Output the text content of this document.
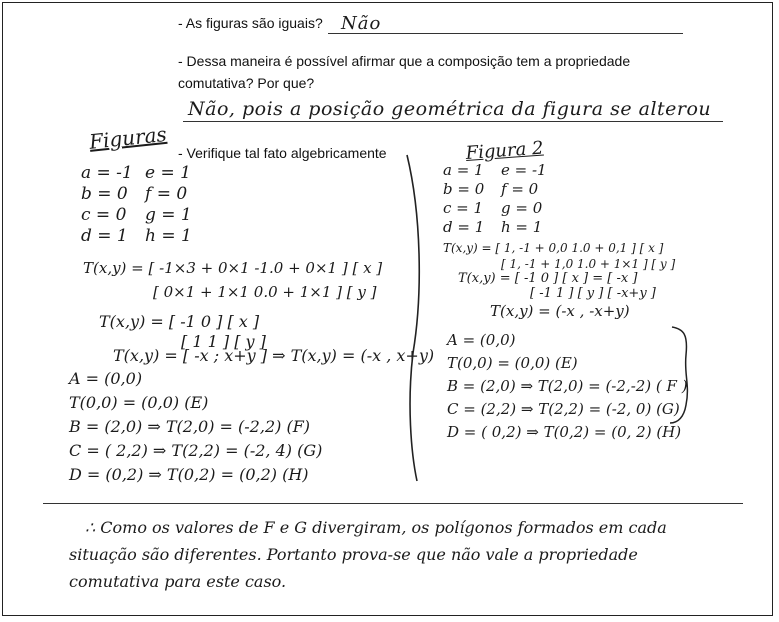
- As figuras são iguais? Não
- Dessa maneira é possível afirmar que a composição tem a propriedade
comutativa? Por que?
Não, pois a posição geométrica da figura se alterou
- Verifique tal fato algebricamente
Figuras
a = -1
b = 0
c = 0
d = 1
e = 1
f = 0
g = 1
h = 1
T(x,y) = [ -1×3 + 0×1 -1.0 + 0×1 ] [ x ]
[ 0×1 + 1×1 0.0 + 1×1 ] [ y ]
T(x,y) = [ -1 0 ] [ x ]
[ 1 1 ] [ y ]
T(x,y) = [ -x ; x+y ] ⇒ T(x,y) = (-x , x+y)
A = (0,0)
T(0,0) = (0,0) (E)
B = (2,0) ⇒ T(2,0) = (-2,2) (F)
C = ( 2,2) ⇒ T(2,2) = (-2, 4) (G)
D = (0,2) ⇒ T(0,2) = (0,2) (H)
Figura 2
a = 1
b = 0
c = 1
d = 1
e = -1
f = 0
g = 0
h = 1
T(x,y) = [ 1, -1 + 0,0 1.0 + 0,1 ] [ x ]
[ 1, -1 + 1,0 1.0 + 1×1 ] [ y ]
T(x,y) = [ -1 0 ] [ x ] = [ -x ]
[ -1 1 ] [ y ] [ -x+y ]
T(x,y) = (-x , -x+y)
A = (0,0)
T(0,0) = (0,0) (E)
B = (2,0) ⇒ T(2,0) = (-2,-2) ( F )
C = (2,2) ⇒ T(2,2) = (-2, 0) (G)
D = ( 0,2) ⇒ T(0,2) = (0, 2) (H)
∴ Como os valores de F e G divergiram, os polígonos formados em cada
situação são diferentes. Portanto prova-se que não vale a propriedade
comutativa para este caso.
